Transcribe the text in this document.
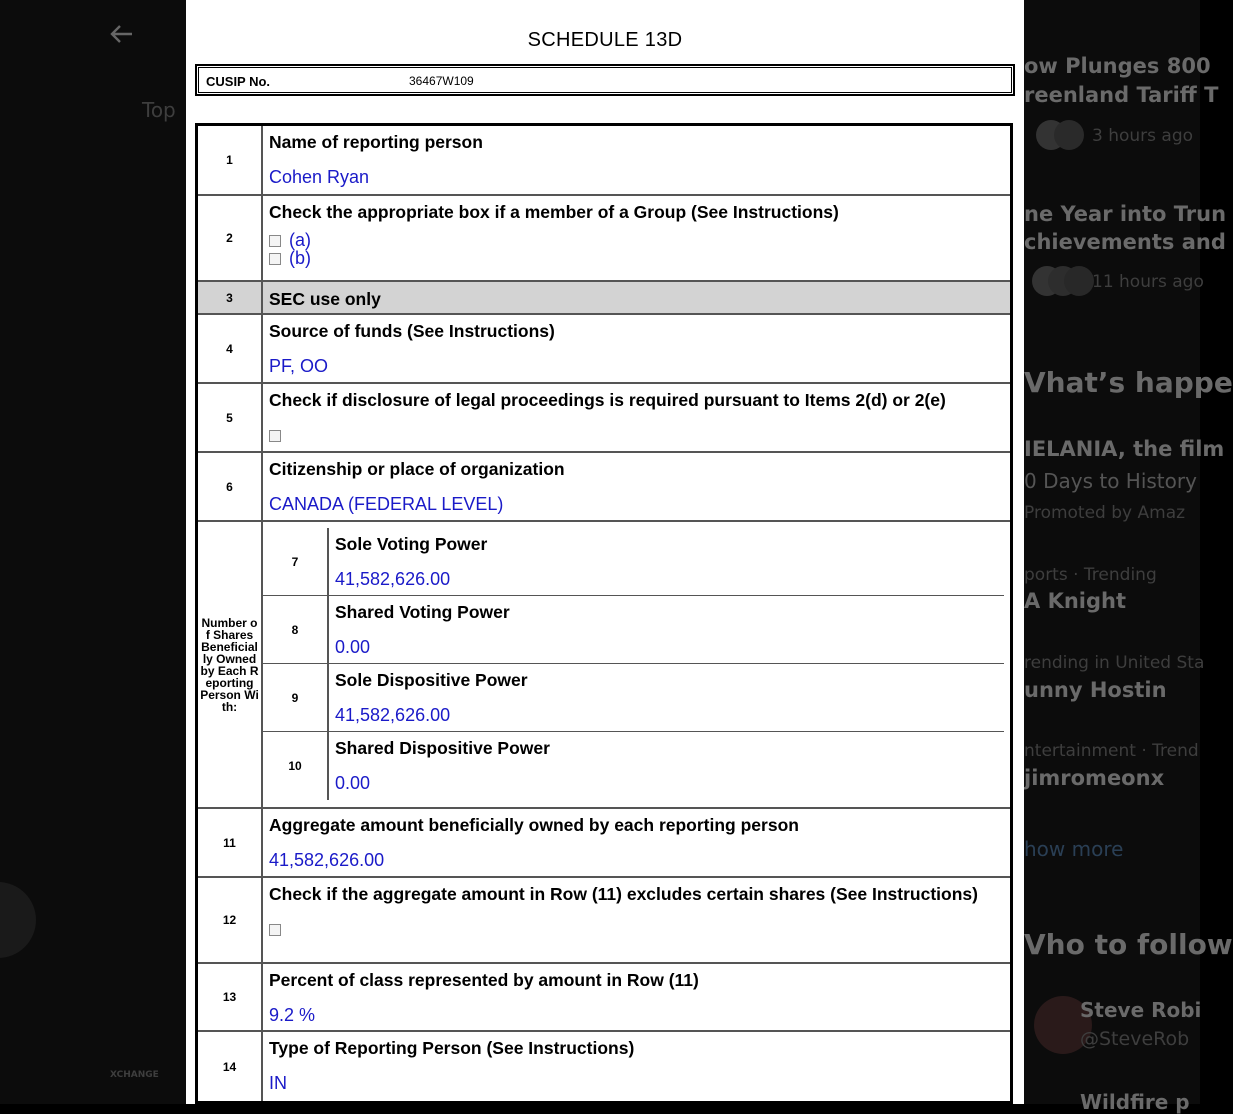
Top
XCHANGE
ow Plunges 800
reenland Tariff T
3 hours ago
ne Year into Trun
chievements and
11 hours ago
Vhat’s happe
IELANIA, the film
0 Days to History
Promoted by Amaz
ports · Trending
A Knight
rending in United Sta
unny Hostin
ntertainment · Trend
jimromeonx
how more
Vho to follow
Steve Robi
@SteveRob
Wildfire p
SCHEDULE 13D
CUSIP No.	36467W109
1
Name of reporting person
Cohen Ryan
2
Check the appropriate box if a member of a Group (See Instructions)
(a)
(b)
3	SEC use only
4
Source of funds (See Instructions)
PF, OO
5
Check if disclosure of legal proceedings is required pursuant to Items 2(d) or 2(e)
6
Citizenship or place of organization
CANADA (FEDERAL LEVEL)
Number of Shares Beneficially Owned by Each Reporting Person With:
7
Sole Voting Power
41,582,626.00
8
Shared Voting Power
0.00
9
Sole Dispositive Power
41,582,626.00
10
Shared Dispositive Power
0.00
11
Aggregate amount beneficially owned by each reporting person
41,582,626.00
12
Check if the aggregate amount in Row (11) excludes certain shares (See Instructions)
13
Percent of class represented by amount in Row (11)
9.2 %
14
Type of Reporting Person (See Instructions)
IN
